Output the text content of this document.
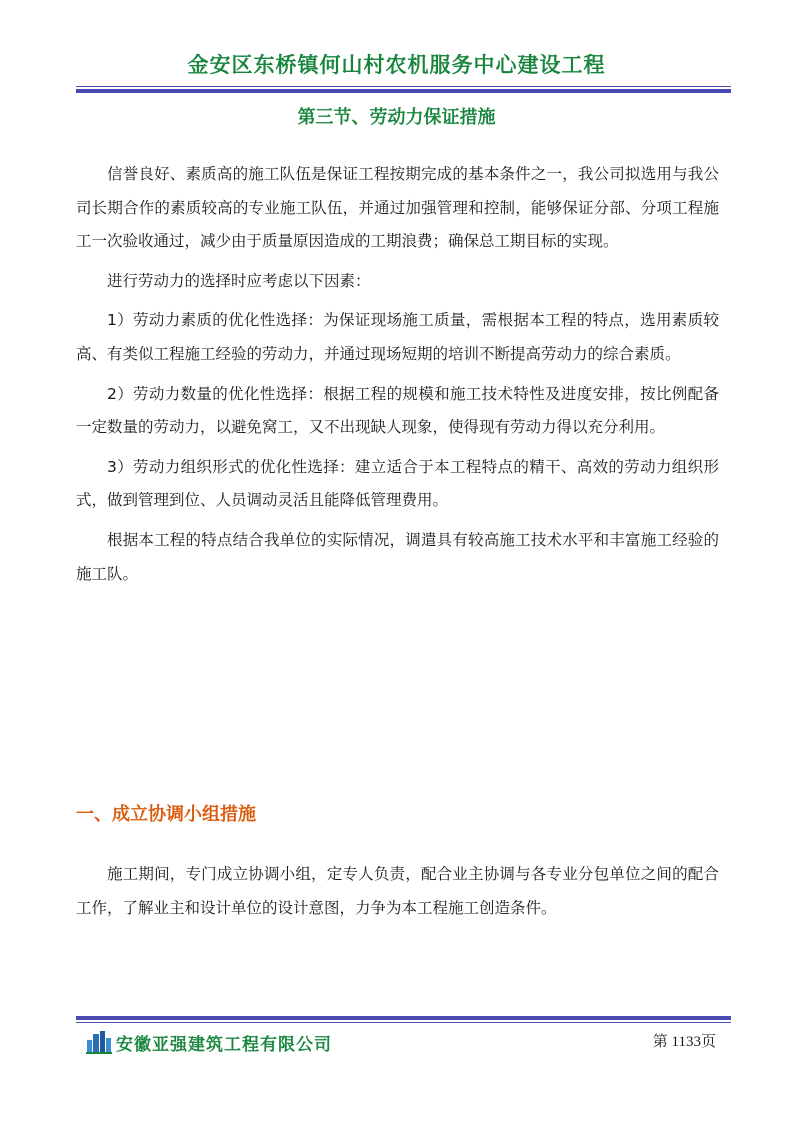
金安区东桥镇何山村农机服务中心建设工程
第三节、劳动力保证措施

信誉良好、素质高的施工队伍是保证工程按期完成的基本条件之一，我公司拟选用与我公司长期合作的素质较高的专业施工队伍，并通过加强管理和控制，能够保证分部、分项工程施工一次验收通过，减少由于质量原因造成的工期浪费；确保总工期目标的实现。

进行劳动力的选择时应考虑以下因素：

1）劳动力素质的优化性选择：为保证现场施工质量，需根据本工程的特点，选用素质较高、有类似工程施工经验的劳动力，并通过现场短期的培训不断提高劳动力的综合素质。

2）劳动力数量的优化性选择：根据工程的规模和施工技术特性及进度安排，按比例配备一定数量的劳动力，以避免窝工，又不出现缺人现象，使得现有劳动力得以充分利用。

3）劳动力组织形式的优化性选择：建立适合于本工程特点的精干、高效的劳动力组织形式，做到管理到位、人员调动灵活且能降低管理费用。

根据本工程的特点结合我单位的实际情况，调遣具有较高施工技术水平和丰富施工经验的施工队。

一、成立协调小组措施

施工期间，专门成立协调小组，定专人负责，配合业主协调与各专业分包单位之间的配合工作，了解业主和设计单位的设计意图，力争为本工程施工创造条件。

安徽亚强建筑工程有限公司	第 1133页
